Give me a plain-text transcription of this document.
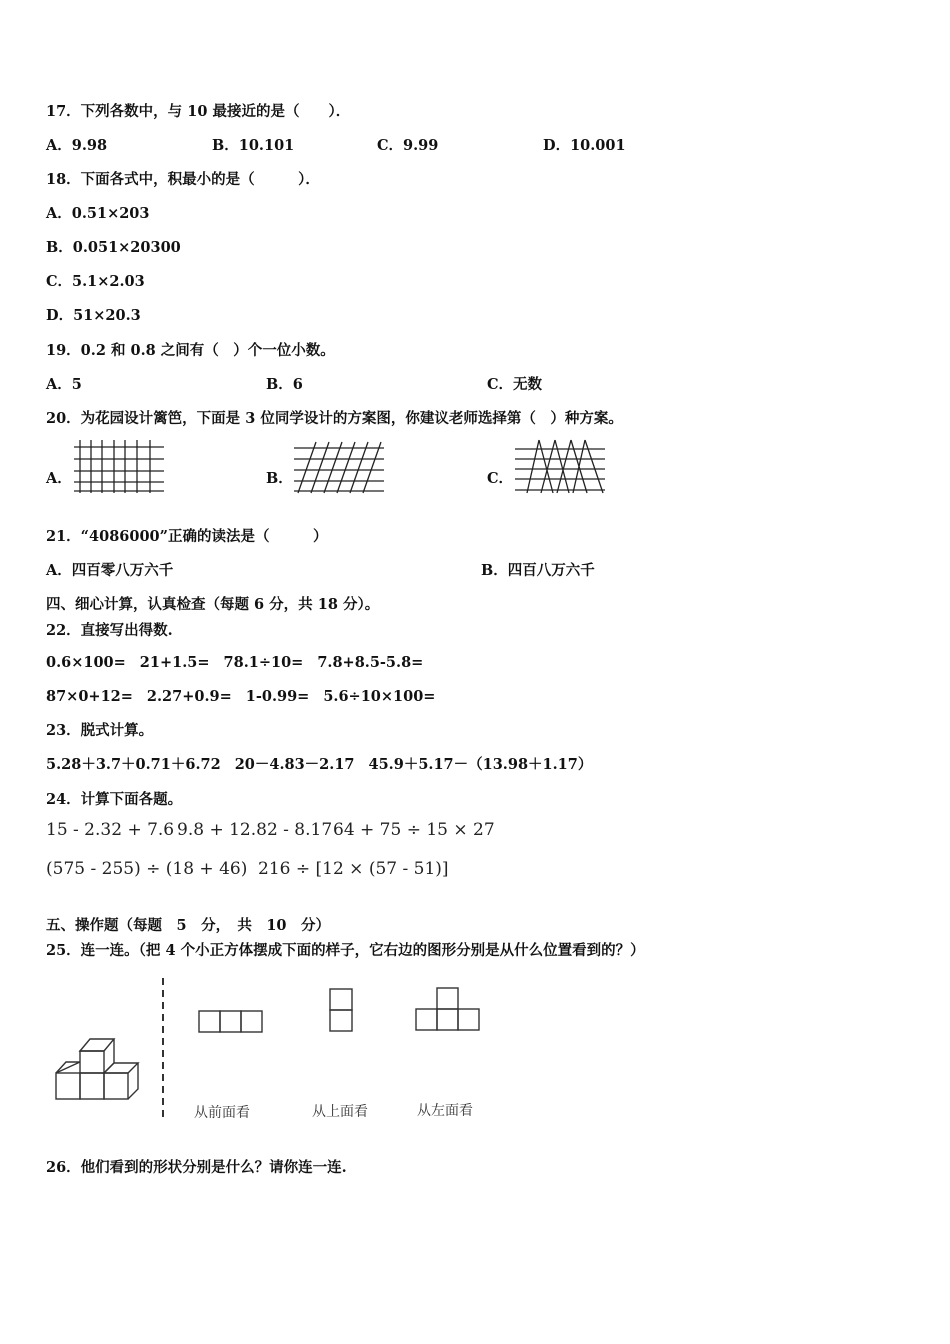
17．下列各数中，与 10 最接近的是（　　）．
A．9.98	B．10.101	C．9.99	D．10.001
18．下面各式中，积最小的是（　　　）．
A．0.51×203
B．0.051×20300
C．5.1×2.03
D．51×20.3
19．0.2 和 0.8 之间有（　）个一位小数。
A．5	B．6	C．无数
20．为花园设计篱笆，下面是 3 位同学设计的方案图，你建议老师选择第（　）种方案。
A．	B．	C．
21．“4086000”正确的读法是（　　　）
A．四百零八万六千	B．四百八万六千
四、细心计算，认真检查（每题 6 分，共 18 分）。
22．直接写出得数.
0.6×100= 21+1.5= 78.1÷10= 7.8+8.5-5.8=
87×0+12= 2.27+0.9= 1-0.99= 5.6÷10×100=
23．脱式计算。
5.28＋3.7＋0.71＋6.72 20－4.83－2.17 45.9＋5.17－（13.98＋1.17）
24．计算下面各题。
15 - 2.32 + 7.6 9.8 + 12.82 - 8.17 64 + 75 ÷ 15 × 27
(575 - 255) ÷ (18 + 46) 216 ÷ [12 × (57 - 51)]
五、操作题（每题　5　分，　共　10　分）
25．连一连。（把 4 个小正方体摆成下面的样子，它右边的图形分别是从什么位置看到的？）
从前面看	从上面看	从左面看
26．他们看到的形状分别是什么？请你连一连.
